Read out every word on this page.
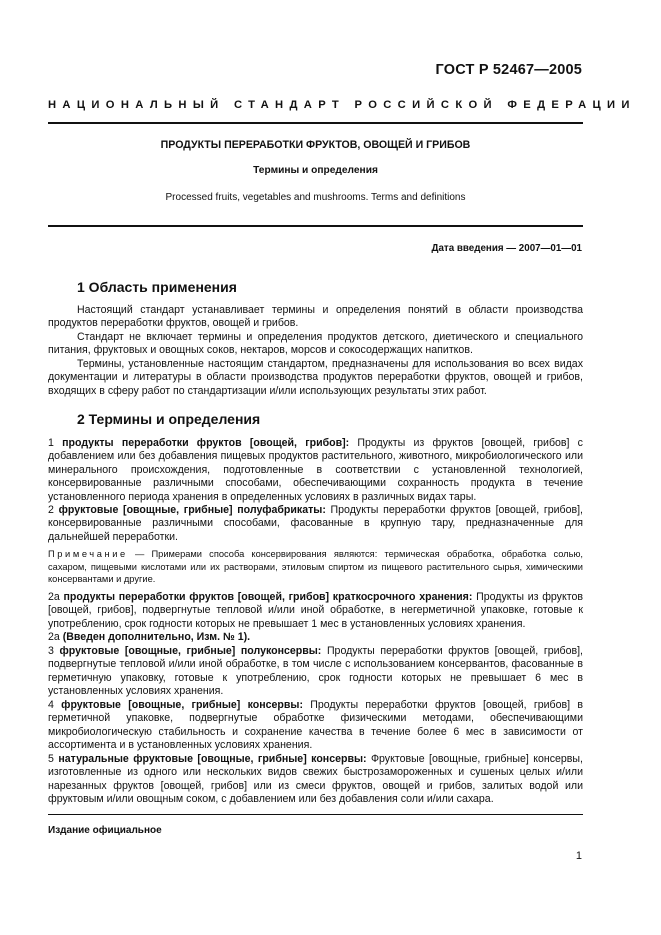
ГОСТ Р 52467—2005
НАЦИОНАЛЬНЫЙ СТАНДАРТ РОССИЙСКОЙ ФЕДЕРАЦИИ
ПРОДУКТЫ ПЕРЕРАБОТКИ ФРУКТОВ, ОВОЩЕЙ И ГРИБОВ
Термины и определения
Processed fruits, vegetables and mushrooms. Terms and definitions
Дата введения — 2007—01—01
1 Область применения

Настоящий стандарт устанавливает термины и определения понятий в области производства продуктов переработки фруктов, овощей и грибов.

Стандарт не включает термины и определения продуктов детского, диетического и специального питания, фруктовых и овощных соков, нектаров, морсов и сокосодержащих напитков.

Термины, установленные настоящим стандартом, предназначены для использования во всех видах документации и литературы в области производства продуктов переработки фруктов, овощей и грибов, входящих в сферу работ по стандартизации и/или использующих результаты этих работ.

2 Термины и определения

1 продукты переработки фруктов [овощей, грибов]: Продукты из фруктов [овощей, грибов] с добавлением или без добавления пищевых продуктов растительного, животного, микробиологического или минерального происхождения, подготовленные в соответствии с установленной технологией, консервированные различными способами, обеспечивающими сохранность продукта в течение установленного периода хранения в определенных условиях в различных видах тары.

2 фруктовые [овощные, грибные] полуфабрикаты: Продукты переработки фруктов [овощей, грибов], консервированные различными способами, фасованные в крупную тару, предназначенные для дальнейшей переработки.

Примечание — Примерами способа консервирования являются: термическая обработка, обработка солью, сахаром, пищевыми кислотами или их растворами, этиловым спиртом из пищевого растительного сырья, химическими консервантами и другие.

2а продукты переработки фруктов [овощей, грибов] краткосрочного хранения: Продукты из фруктов [овощей, грибов], подвергнутые тепловой и/или иной обработке, в негерметичной упаковке, готовые к употреблению, срок годности которых не превышает 1 мес в установленных условиях хранения.

2а (Введен дополнительно, Изм. № 1).

3 фруктовые [овощные, грибные] полуконсервы: Продукты переработки фруктов [овощей, грибов], подвергнутые тепловой и/или иной обработке, в том числе с использованием консервантов, фасованные в герметичную упаковку, готовые к употреблению, срок годности которых не превышает 6 мес в установленных условиях хранения.

4 фруктовые [овощные, грибные] консервы: Продукты переработки фруктов [овощей, грибов] в герметичной упаковке, подвергнутые обработке физическими методами, обеспечивающими микробиологическую стабильность и сохранение качества в течение более 6 мес в зависимости от ассортимента и в установленных условиях хранения.

5 натуральные фруктовые [овощные, грибные] консервы: Фруктовые [овощные, грибные] консервы, изготовленные из одного или нескольких видов свежих быстрозамороженных и сушеных целых и/или нарезанных фруктов [овощей, грибов] или из смеси фруктов, овощей и грибов, залитых водой или фруктовым и/или овощным соком, с добавлением или без добавления соли и/или сахара.

Издание официальное
1
